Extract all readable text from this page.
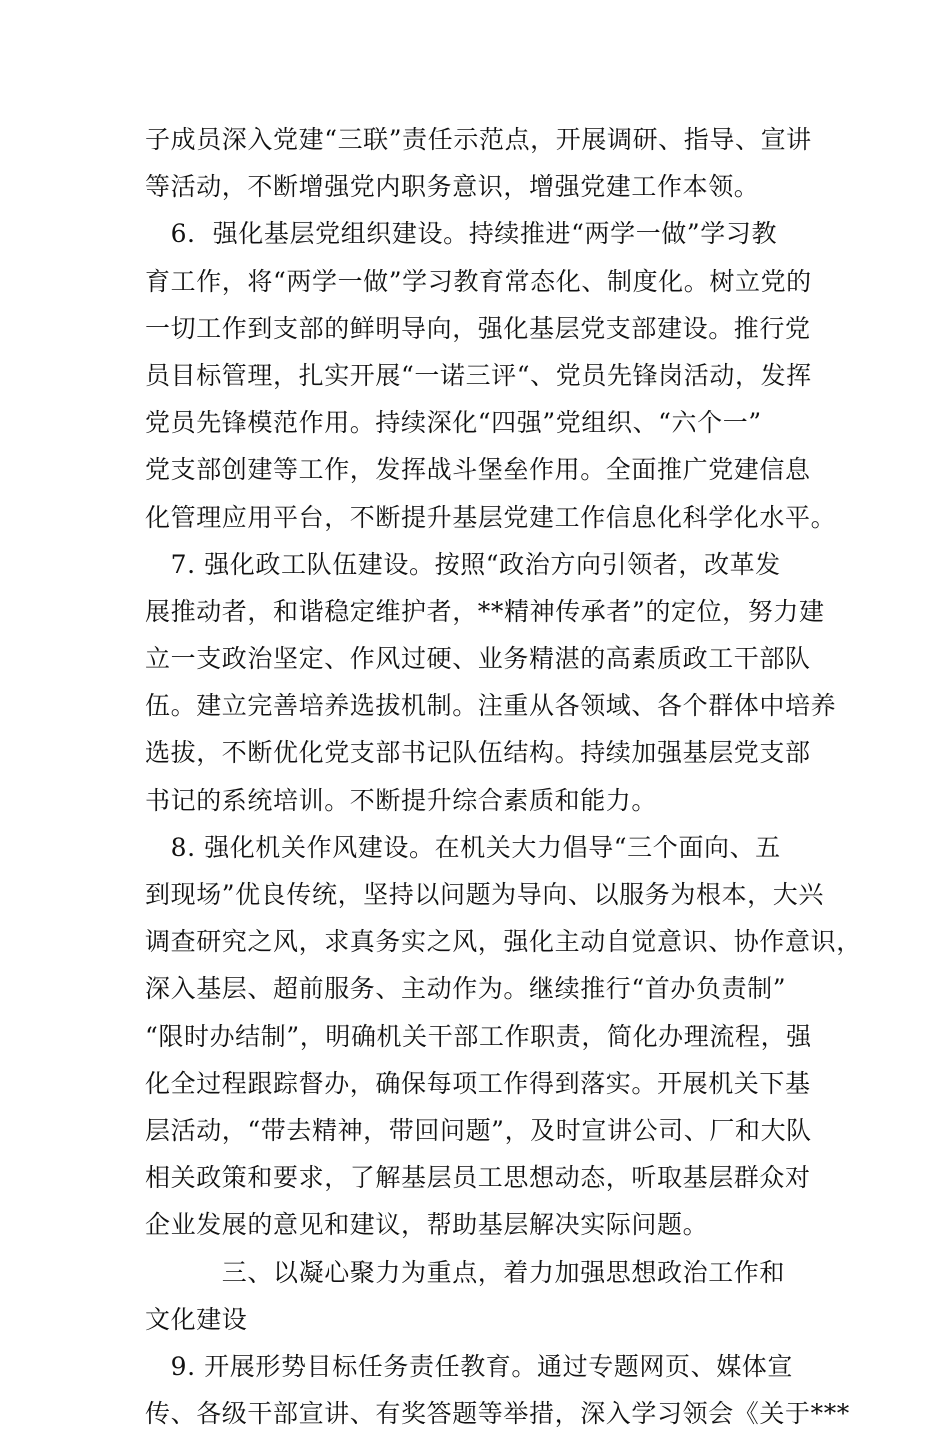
子成员深入党建“三联”责任示范点，开展调研、指导、宣讲
等活动，不断增强党内职务意识，增强党建工作本领。
　6．强化基层党组织建设。持续推进“两学一做”学习教
育工作，将“两学一做”学习教育常态化、制度化。树立党的
一切工作到支部的鲜明导向，强化基层党支部建设。推行党
员目标管理，扎实开展“一诺三评“、党员先锋岗活动，发挥
党员先锋模范作用。持续深化“四强”党组织、“六个一”
党支部创建等工作，发挥战斗堡垒作用。全面推广党建信息
化管理应用平台，不断提升基层党建工作信息化科学化水平。
　7. 强化政工队伍建设。按照“政治方向引领者，改革发
展推动者，和谐稳定维护者，**精神传承者”的定位，努力建
立一支政治坚定、作风过硬、业务精湛的高素质政工干部队
伍。建立完善培养选拔机制。注重从各领域、各个群体中培养
选拔，不断优化党支部书记队伍结构。持续加强基层党支部
书记的系统培训。不断提升综合素质和能力。
　8. 强化机关作风建设。在机关大力倡导“三个面向、五
到现场”优良传统，坚持以问题为导向、以服务为根本，大兴
调查研究之风，求真务实之风，强化主动自觉意识、协作意识，
深入基层、超前服务、主动作为。继续推行“首办负责制”
“限时办结制”，明确机关干部工作职责，简化办理流程，强
化全过程跟踪督办，确保每项工作得到落实。开展机关下基
层活动，“带去精神，带回问题”，及时宣讲公司、厂和大队
相关政策和要求，了解基层员工思想动态，听取基层群众对
企业发展的意见和建议，帮助基层解决实际问题。
　　　三、以凝心聚力为重点，着力加强思想政治工作和
文化建设
　9. 开展形势目标任务责任教育。通过专题网页、媒体宣
传、各级干部宣讲、有奖答题等举措，深入学习领会《关于***
